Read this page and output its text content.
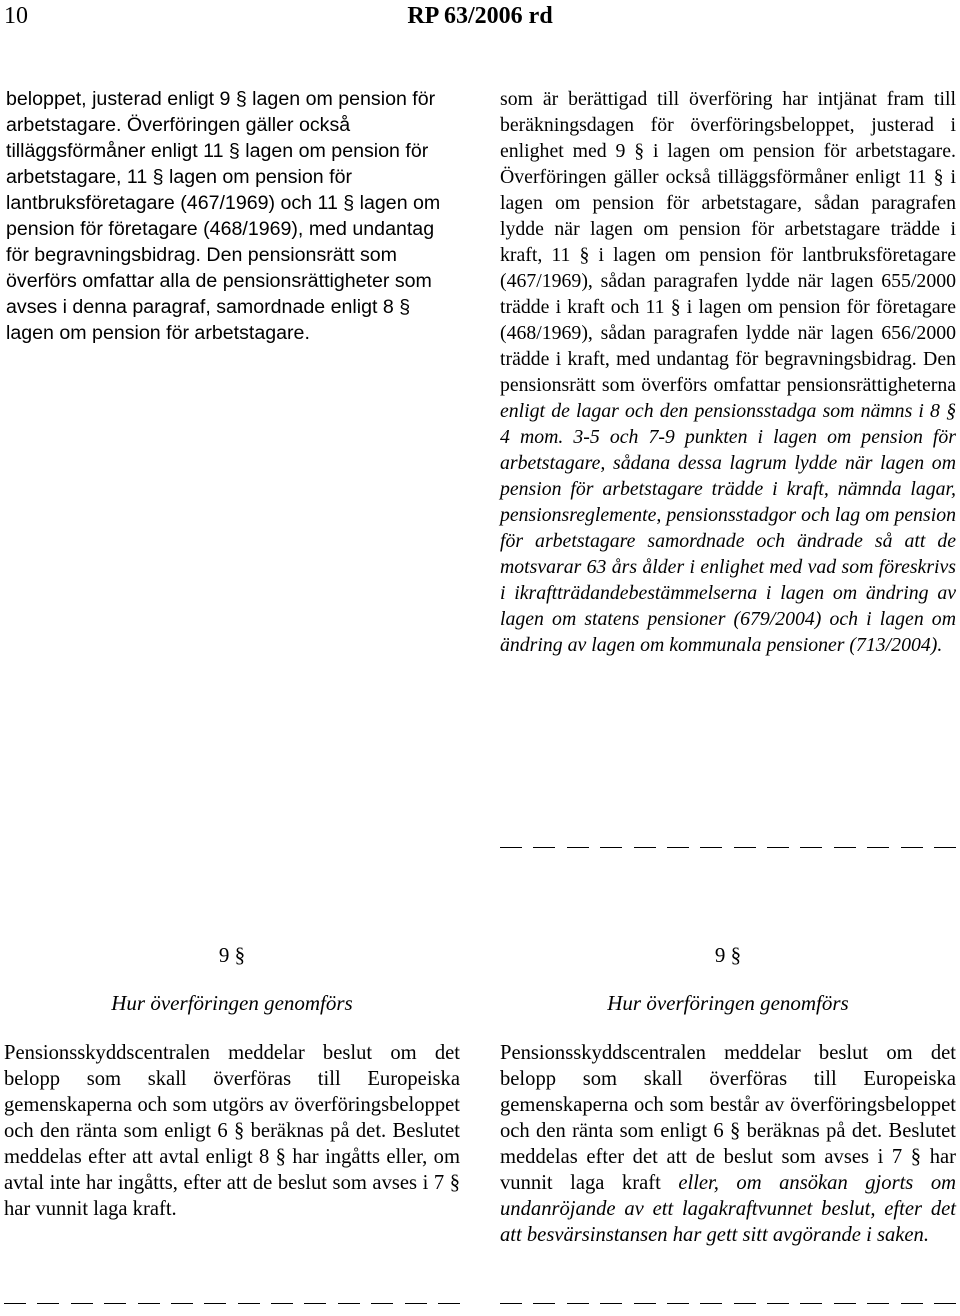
10	RP 63/2006 rd

beloppet, justerad enligt 9 § lagen om pension för arbetstagare. Överföringen gäller också tilläggsförmåner enligt 11 § lagen om pension för arbetstagare, 11 § lagen om pension för lantbruksföretagare (467/1969) och 11 § lagen om pension för företagare (468/1969), med undantag för begravningsbidrag. Den pensionsrätt som överförs omfattar alla de pensionsrättigheter som avses i denna paragraf, samordnade enligt 8 § lagen om pension för arbetstagare.

som är berättigad till överföring har intjänat fram till beräkningsdagen för överföringsbeloppet, justerad i enlighet med 9 § i lagen om pension för arbetstagare. Överföringen gäller också tilläggsförmåner enligt 11 § i lagen om pension för arbetstagare, sådan paragrafen lydde när lagen om pension för arbetstagare trädde i kraft, 11 § i lagen om pension för lantbruksföretagare (467/1969), sådan paragrafen lydde när lagen 655/2000 trädde i kraft och 11 § i lagen om pension för företagare (468/1969), sådan paragrafen lydde när lagen 656/2000 trädde i kraft, med undantag för begravningsbidrag. Den pensionsrätt som överförs omfattar pensionsrättigheterna enligt de lagar och den pensionsstadga som nämns i 8 § 4 mom. 3-5 och 7-9 punkten i lagen om pension för arbetstagare, sådana dessa lagrum lydde när lagen om pension för arbetstagare trädde i kraft, nämnda lagar, pensionsreglemente, pensionsstadgor och lag om pension för arbetstagare samordnade och ändrade så att de motsvarar 63 års ålder i enlighet med vad som föreskrivs i ikraftträdandebestämmelserna i lagen om ändring av lagen om statens pensioner (679/2004) och i lagen om ändring av lagen om kommunala pensioner (713/2004).

9 §
Hur överföringen genomförs

Pensionsskyddscentralen meddelar beslut om det belopp som skall överföras till Europeiska gemenskaperna och som utgörs av överföringsbeloppet och den ränta som enligt 6 § beräknas på det. Beslutet meddelas efter att avtal enligt 8 § har ingåtts eller, om avtal inte har ingåtts, efter att de beslut som avses i 7 § har vunnit laga kraft.

9 §
Hur överföringen genomförs

Pensionsskyddscentralen meddelar beslut om det belopp som skall överföras till Europeiska gemenskaperna och som består av överföringsbeloppet och den ränta som enligt 6 § beräknas på det. Beslutet meddelas efter det att de beslut som avses i 7 § har vunnit laga kraft eller, om ansökan gjorts om undanröjande av ett lagakraftvunnet beslut, efter det att besvärsinstansen har gett sitt avgörande i saken.
